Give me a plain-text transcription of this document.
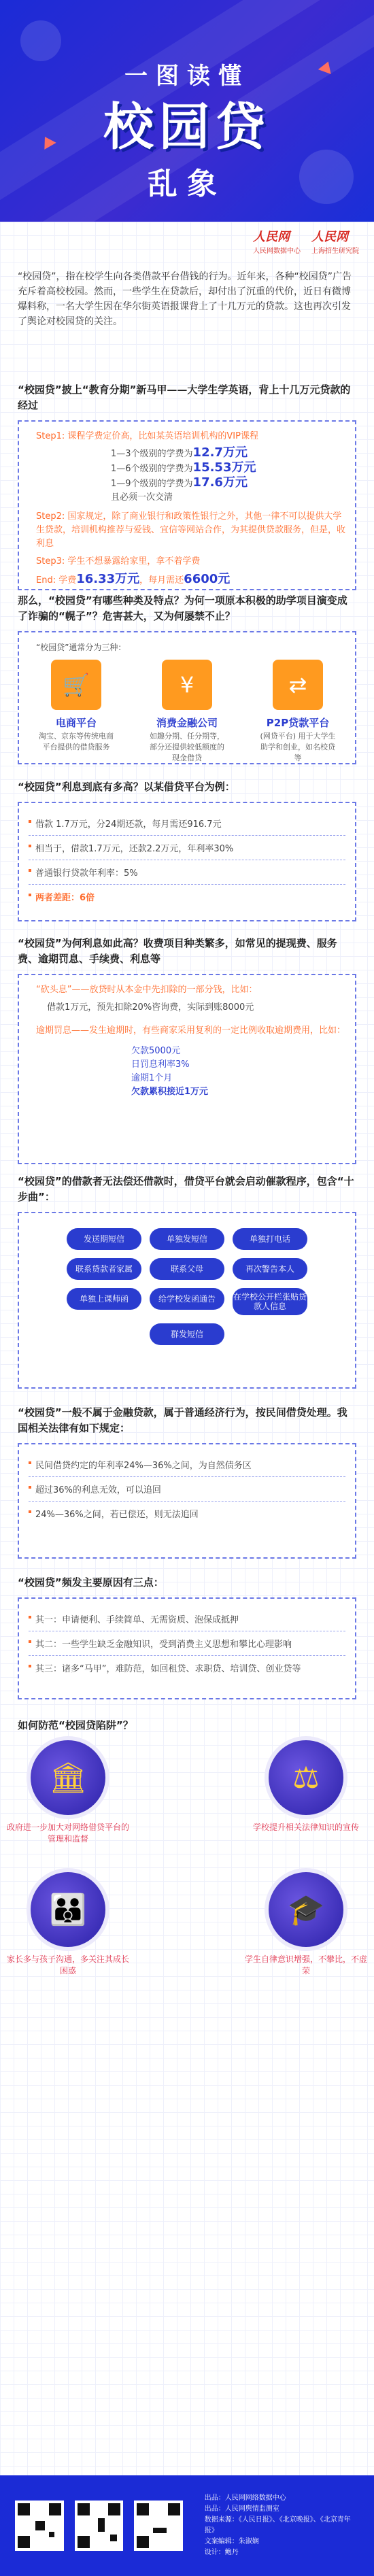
一图读懂
校园贷
乱象
人民网
人民网数据中心
人民网
上海招生研究院

“校园贷”，指在校学生向各类借款平台借钱的行为。近年来，各种“校园贷”广告充斥着高校校园。然而，一些学生在贷款后，却付出了沉重的代价，近日有微博爆料称，一名大学生因在华尔街英语报课背上了十几万元的贷款。这也再次引发了舆论对校园贷的关注。

“校园贷”披上“教育分期”新马甲——大学生学英语，背上十几万元贷款的经过
Step1: 课程学费定价高，比如某英语培训机构的VIP课程
1—3个级别的学费为12.7万元
1—6个级别的学费为15.53万元
1—9个级别的学费为17.6万元
且必须一次交清
Step2: 国家规定，除了商业银行和政策性银行之外，其他一律不可以提供大学生贷款，培训机构推荐与爱钱、宜信等网站合作，为其提供贷款服务，但是，收利息
Step3: 学生不想暴露给家里，拿不着学费
End: 学费16.33万元，每月需还6600元
那么，“校园贷”有哪些种类及特点？为何一项原本积极的助学项目演变成了诈骗的“幌子”？危害甚大，又为何屡禁不止？
“校园贷”通常分为三种：
🛒
电商平台
淘宝、京东等传统电商平台提供的借贷服务
¥
消费金融公司
如趣分期、任分期等，部分还提供较低额度的现金借贷
⇄
P2P贷款平台
(网贷平台) 用于大学生助学和创业，如名校贷等
“校园贷”利息到底有多高？以某借贷平台为例：
借款 1.7万元，分24期还款，每月需还916.7元
相当于，借款1.7万元，还款2.2万元，年利率30%
普通银行贷款年利率：5%
两者差距：6倍
“校园贷”为何利息如此高？收费项目种类繁多，如常见的提现费、服务费、逾期罚息、手续费、利息等
“砍头息”——放贷时从本金中先扣除的一部分钱，比如：
借款1万元，预先扣除20%咨询费，实际到账8000元
逾期罚息——发生逾期时，有些商家采用复利的一定比例收取逾期费用，比如：
欠款5000元
日罚息利率3%
逾期1个月
欠款累积接近1万元
“校园贷”的借款者无法偿还借款时，借贷平台就会启动催款程序，包含“十步曲”：
发送期短信	单独发短信	单独打电话
联系贷款者家属	联系父母	再次警告本人
单独上课师函	给学校发函通告	在学校公开栏张贴贷款人信息
群发短信
“校园贷”一般不属于金融贷款，属于普通经济行为，按民间借贷处理。我国相关法律有如下规定：
民间借贷约定的年利率24%—36%之间，为自然债务区
超过36%的利息无效，可以追回
24%—36%之间，若已偿还，则无法追回
“校园贷”频发主要原因有三点：
其一：申请便利、手续简单、无需资质、泡保成抵押
其二：一些学生缺乏金融知识，受到消费主义思想和攀比心理影响
其三：诸多“马甲”，难防范，如回租贷、求职贷、培训贷、创业贷等
如何防范“校园贷陷阱”？
🏛
政府进一步加大对网络借贷平台的管理和监督
⚖
学校提升相关法律知识的宣传
👪
家长多与孩子沟通，多关注其成长困惑
🎓
学生自律意识增强，不攀比，不虚荣
出品：人民网网络数据中心
出品：人民网舆情监测室
数据来源：《人民日报》、《北京晚报》、《北京青年报》
文案编辑：朱淑娴
设计：鲍丹
